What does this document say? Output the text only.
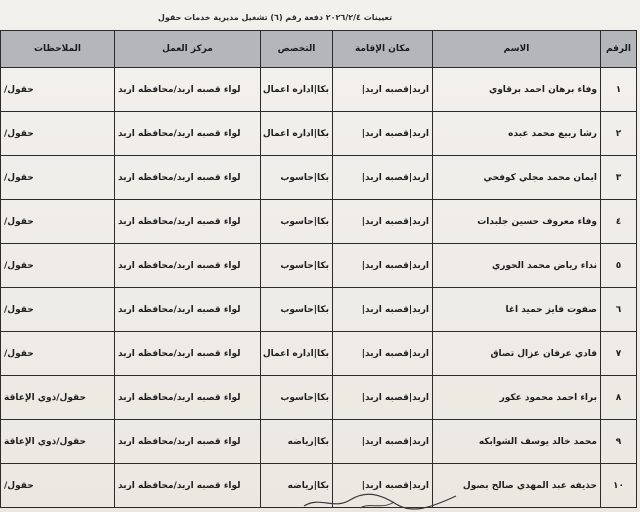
تعيينات ٢٠٢٦/٢/٤ دفعة رقم (٦) تشغيل مديرية خدمات حقول
الرقم	الاسم	مكان الإقامة	التخصص	مركز العمل	الملاحظات
١	وفاء برهان احمد برقاوي	اربد|قصبه اربد|	بكا|اداره اعمال	لواء قصبه اربد/محافظه اربد	حقول/
٢	رشا ربيع محمد عبده	اربد|قصبه اربد|	بكا|اداره اعمال	لواء قصبه اربد/محافظه اربد	حقول/
٣	ايمان محمد مجلي كوفحي	اربد|قصبه اربد|	بكا|حاسوب	لواء قصبه اربد/محافظه اربد	حقول/
٤	وفاء معروف حسين جلبدات	اربد|قصبه اربد|	بكا|حاسوب	لواء قصبه اربد/محافظه اربد	حقول/
٥	نداء رياض محمد الحوري	اربد|قصبه اربد|	بكا|حاسوب	لواء قصبه اربد/محافظه اربد	حقول/
٦	صفوت فايز حميد اغا	اربد|قصبه اربد|	بكا|حاسوب	لواء قصبه اربد/محافظه اربد	حقول/
٧	فادي عرفان عزال تصاق	اربد|قصبه اربد|	بكا|اداره اعمال	لواء قصبه اربد/محافظه اربد	حقول/
٨	براء احمد محمود عكور	اربد|قصبه اربد|	بكا|حاسوب	لواء قصبه اربد/محافظه اربد	حقول/ذوي الإعاقة
٩	محمد خالد يوسف الشوابكه	اربد|قصبه اربد|	بكا|رياضه	لواء قصبه اربد/محافظه اربد	حقول/ذوي الإعاقة
١٠	حذيفه عبد المهدي صالح بصول	اربد|قصبه اربد|	بكا|رياضه	لواء قصبه اربد/محافظه اربد	حقول/
